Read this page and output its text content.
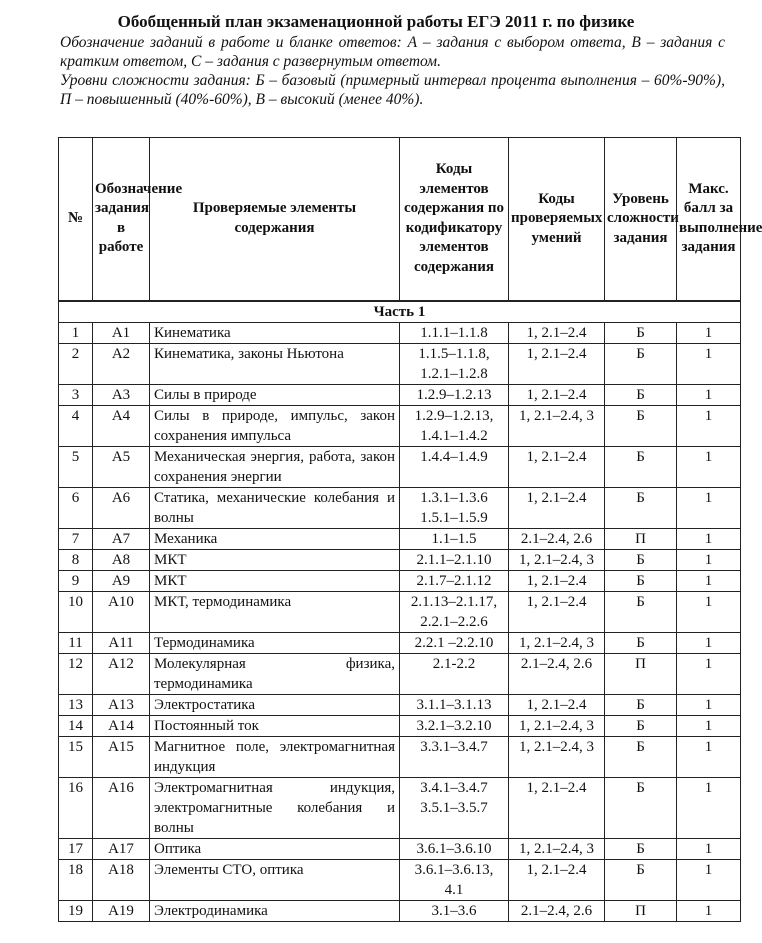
Обобщенный план экзаменационной работы ЕГЭ 2011 г. по физике

Обозначение заданий в работе и бланке ответов: А – задания с выбором ответа, В – задания с кратким ответом, С – задания с развернутым ответом.

Уровни сложности задания: Б – базовый (примерный интервал процента выполнения – 60%-90%), П – повышенный (40%-60%), В – высокий (менее 40%).

№	Обозначение задания в работе	Проверяемые элементы содержания	Коды элементов содержания по кодификатору элементов содержания	Коды проверяемых умений	Уровень сложности задания	Макс. балл за выполнение задания
Часть 1						
1	A1	Кинематика	1.1.1–1.1.8	1, 2.1–2.4	Б	1
2	A2	Кинематика, законы Ньютона	1.1.5–1.1.8, 1.2.1–1.2.8	1, 2.1–2.4	Б	1
3	A3	Силы в природе	1.2.9–1.2.13	1, 2.1–2.4	Б	1
4	A4	Силы в природе, импульс, закон сохранения импульса	1.2.9–1.2.13, 1.4.1–1.4.2	1, 2.1–2.4, 3	Б	1
5	A5	Механическая энергия, работа, закон сохранения энергии	1.4.4–1.4.9	1, 2.1–2.4	Б	1
6	A6	Статика, механические колебания и волны	1.3.1–1.3.6 1.5.1–1.5.9	1, 2.1–2.4	Б	1
7	A7	Механика	1.1–1.5	2.1–2.4, 2.6	П	1
8	A8	МКТ	2.1.1–2.1.10	1, 2.1–2.4, 3	Б	1
9	A9	МКТ	2.1.7–2.1.12	1, 2.1–2.4	Б	1
10	A10	МКТ, термодинамика	2.1.13–2.1.17, 2.2.1–2.2.6	1, 2.1–2.4	Б	1
11	A11	Термодинамика	2.2.1 –2.2.10	1, 2.1–2.4, 3	Б	1
12	A12	Молекулярная физика, термодинамика	2.1-2.2	2.1–2.4, 2.6	П	1
13	A13	Электростатика	3.1.1–3.1.13	1, 2.1–2.4	Б	1
14	A14	Постоянный ток	3.2.1–3.2.10	1, 2.1–2.4, 3	Б	1
15	A15	Магнитное поле, электромагнитная индукция	3.3.1–3.4.7	1, 2.1–2.4, 3	Б	1
16	A16	Электромагнитная индукция, электромагнитные колебания и волны	3.4.1–3.4.7 3.5.1–3.5.7	1, 2.1–2.4	Б	1
17	A17	Оптика	3.6.1–3.6.10	1, 2.1–2.4, 3	Б	1
18	A18	Элементы СТО, оптика	3.6.1–3.6.13, 4.1	1, 2.1–2.4	Б	1
19	A19	Электродинамика	3.1–3.6	2.1–2.4, 2.6	П	1
